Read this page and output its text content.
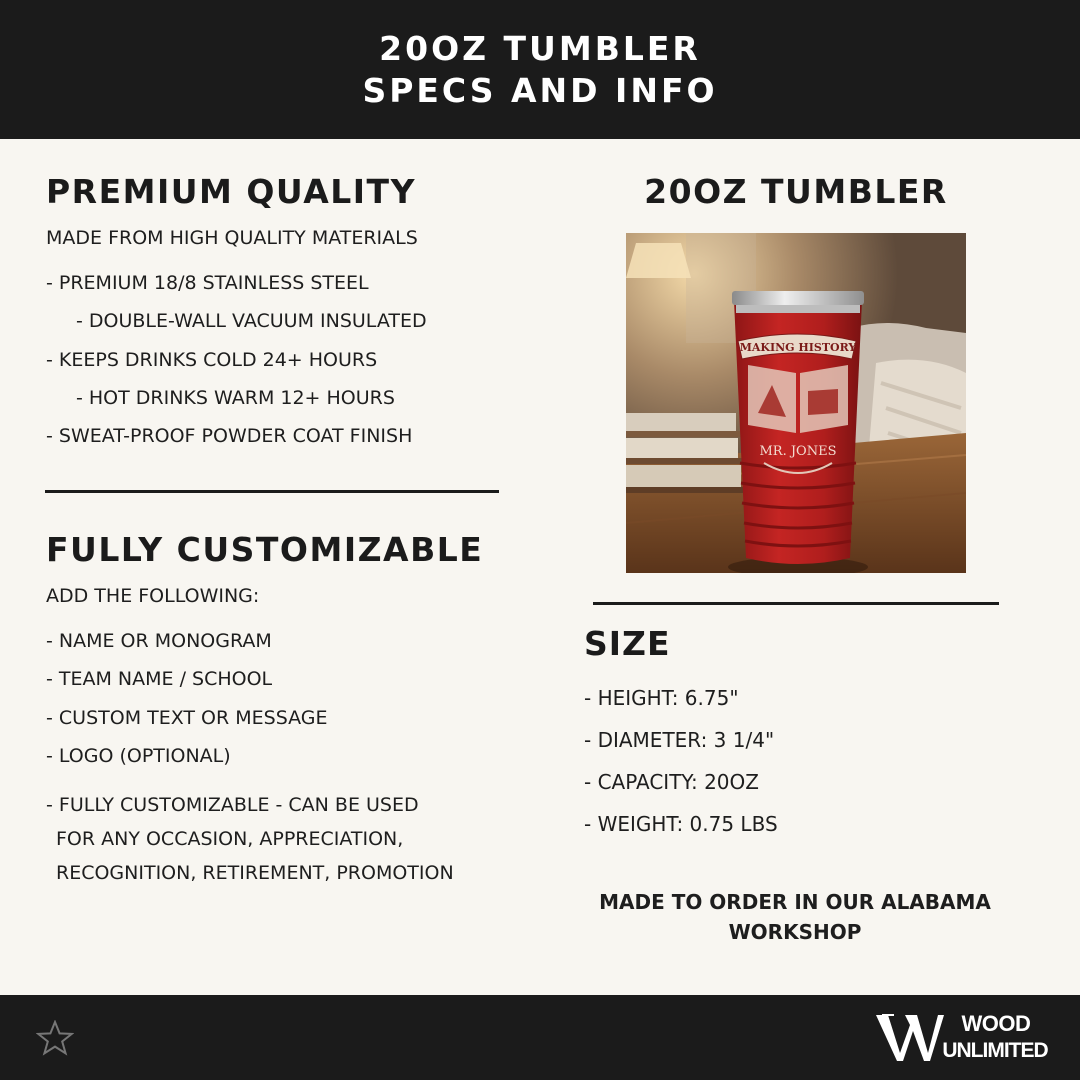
20OZ TUMBLER
SPECS AND INFO
PREMIUM QUALITY
MADE FROM HIGH QUALITY MATERIALS
- PREMIUM 18/8 STAINLESS STEEL
- DOUBLE-WALL VACUUM INSULATED
- KEEPS DRINKS COLD 24+ HOURS
- HOT DRINKS WARM 12+ HOURS
- SWEAT-PROOF POWDER COAT FINISH
FULLY CUSTOMIZABLE
ADD THE FOLLOWING:
- NAME OR MONOGRAM
- TEAM NAME / SCHOOL
- CUSTOM TEXT OR MESSAGE
- LOGO (OPTIONAL)
- FULLY CUSTOMIZABLE - CAN BE USED
FOR ANY OCCASION, APPRECIATION,
RECOGNITION, RETIREMENT, PROMOTION
20OZ TUMBLER
MAKING HISTORY
MR. JONES
SIZE
- HEIGHT: 6.75"
- DIAMETER: 3 1/4"
- CAPACITY: 20OZ
- WEIGHT: 0.75 LBS
MADE TO ORDER IN OUR ALABAMA
WORKSHOP
WOOD
UNLIMITED
